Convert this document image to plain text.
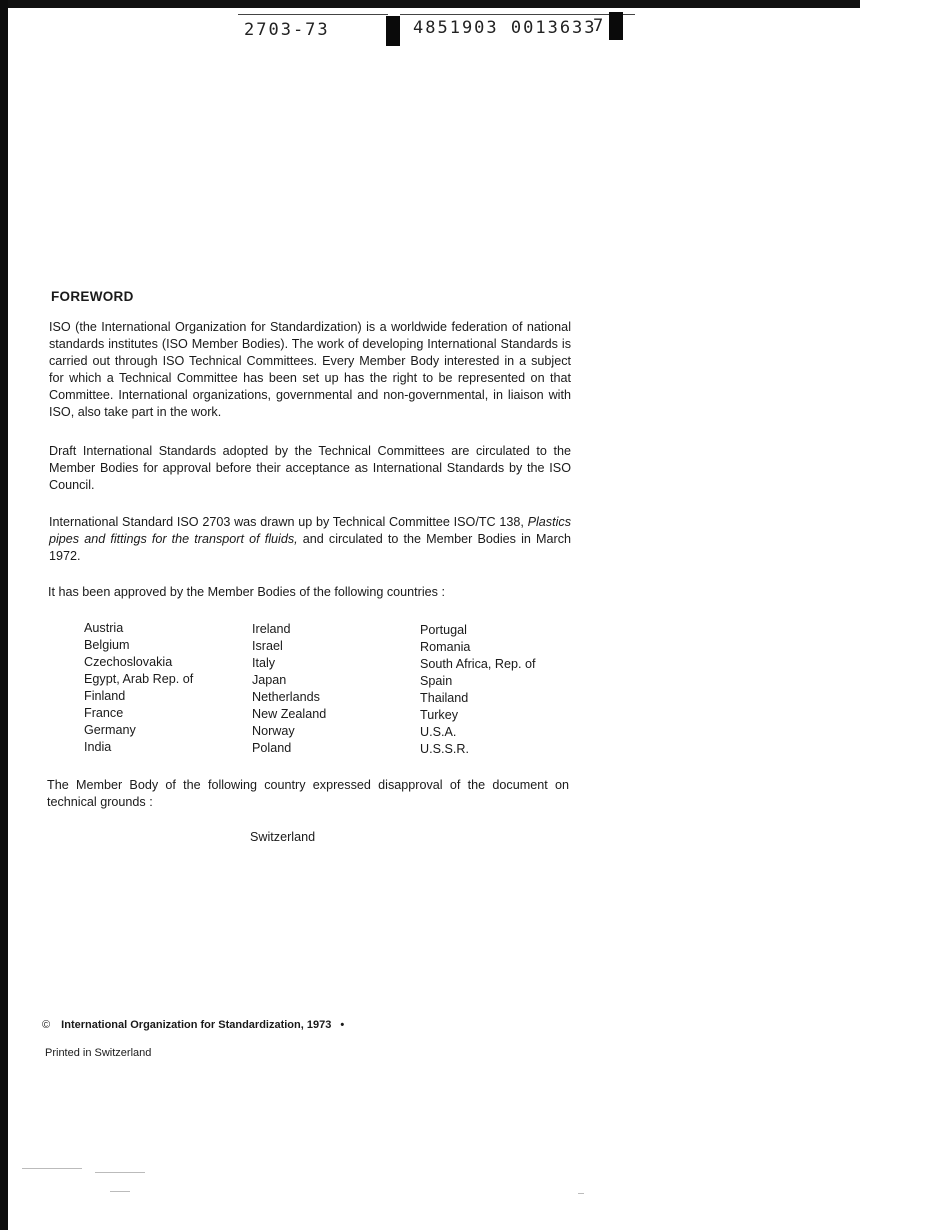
2703-73	4851903 0013633
7
FOREWORD

ISO (the International Organization for Standardization) is a worldwide federation of national standards institutes (ISO Member Bodies). The work of developing International Standards is carried out through ISO Technical Committees. Every Member Body interested in a subject for which a Technical Committee has been set up has the right to be represented on that Committee. International organizations, governmental and non-governmental, in liaison with ISO, also take part in the work.

Draft International Standards adopted by the Technical Committees are circulated to the Member Bodies for approval before their acceptance as International Standards by the ISO Council.

International Standard ISO 2703 was drawn up by Technical Committee ISO/TC 138, Plastics pipes and fittings for the transport of fluids, and circulated to the Member Bodies in March 1972.

It has been approved by the Member Bodies of the following countries :
Austria
Belgium
Czechoslovakia
Egypt, Arab Rep. of
Finland
France
Germany
India
Ireland
Israel
Italy
Japan
Netherlands
New Zealand
Norway
Poland
Portugal
Romania
South Africa, Rep. of
Spain
Thailand
Turkey
U.S.A.
U.S.S.R.

The Member Body of the following country expressed disapproval of the document on technical grounds :

Switzerland
© International Organization for Standardization, 1973 •
Printed in Switzerland
